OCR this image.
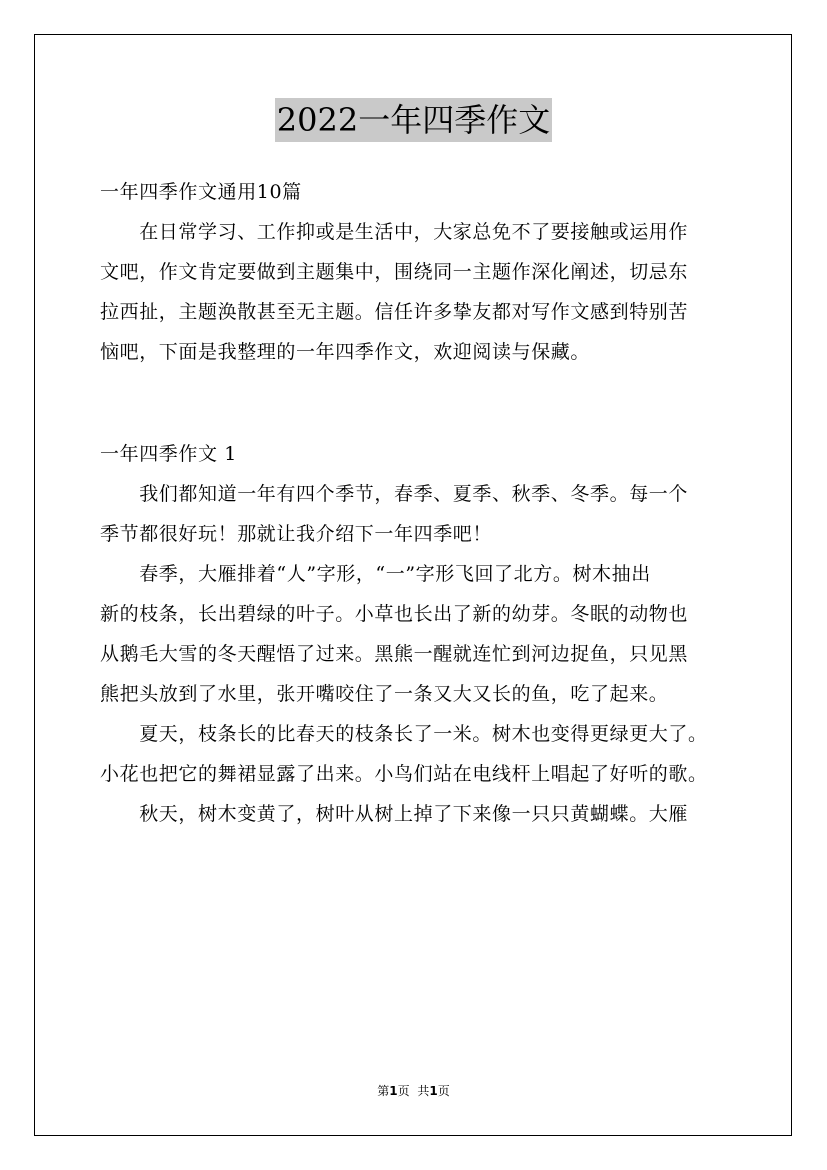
2022一年四季作文
一年四季作文通用10篇
　　在日常学习、工作抑或是生活中，大家总免不了要接触或运用作
文吧，作文肯定要做到主题集中，围绕同一主题作深化阐述，切忌东
拉西扯，主题涣散甚至无主题。信任许多挚友都对写作文感到特别苦
恼吧，下面是我整理的一年四季作文，欢迎阅读与保藏。
一年四季作文 1
　　我们都知道一年有四个季节，春季、夏季、秋季、冬季。每一个
季节都很好玩！那就让我介绍下一年四季吧！
　　春季，大雁排着“人”字形，“一”字形飞回了北方。树木抽出
新的枝条，长出碧绿的叶子。小草也长出了新的幼芽。冬眠的动物也
从鹅毛大雪的冬天醒悟了过来。黑熊一醒就连忙到河边捉鱼，只见黑
熊把头放到了水里，张开嘴咬住了一条又大又长的鱼，吃了起来。
　　夏天，枝条长的比春天的枝条长了一米。树木也变得更绿更大了。
小花也把它的舞裙显露了出来。小鸟们站在电线杆上唱起了好听的歌。
　　秋天，树木变黄了，树叶从树上掉了下来像一只只黄蝴蝶。大雁
第1页 共1页
